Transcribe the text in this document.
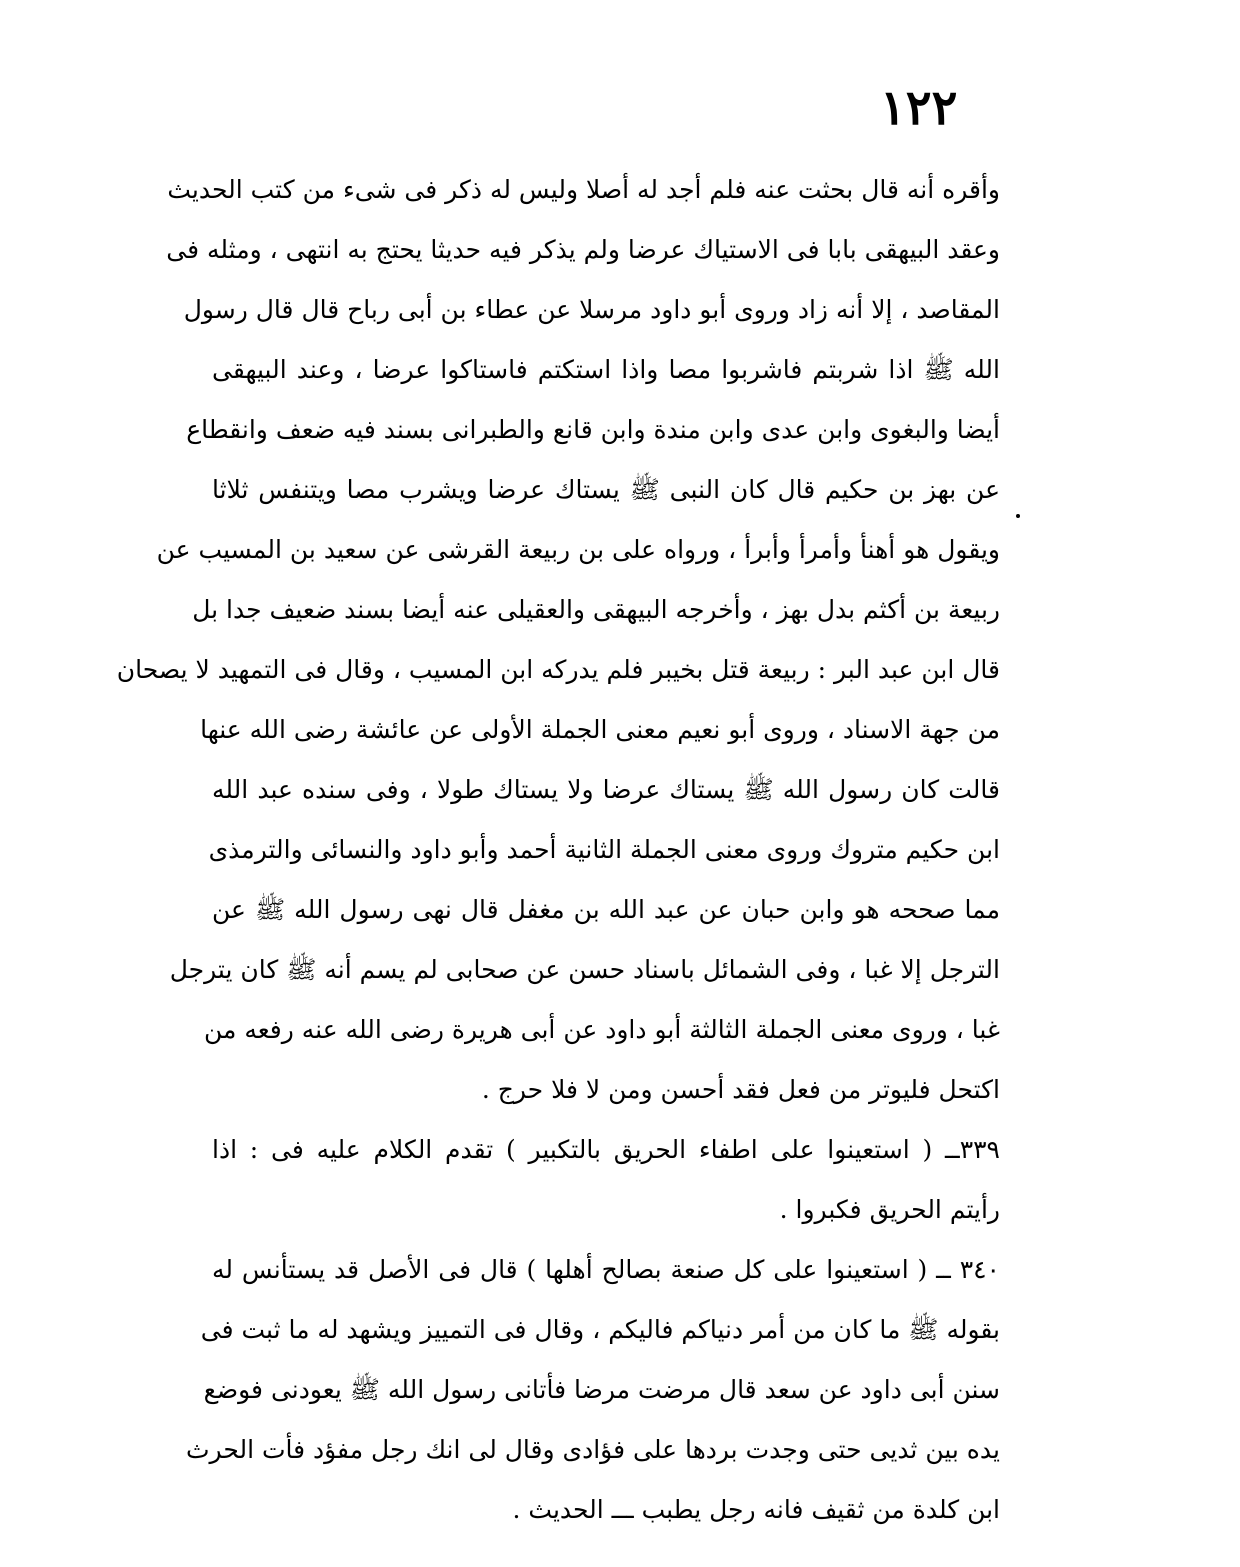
١٢٢
وأقره أنه قال بحثت عنه فلم أجد له أصلا وليس له ذكر فى شىء من كتب الحديث
وعقد البيهقى بابا فى الاستياك عرضا ولم يذكر فيه حديثا يحتج به انتهى ، ومثله فى
المقاصد ، إلا أنه زاد وروى أبو داود مرسلا عن عطاء بن أبى رباح قال قال رسول
الله ﷺ اذا شربتم فاشربوا مصا واذا استكتم فاستاكوا عرضا ، وعند البيهقى
أيضا والبغوى وابن عدى وابن مندة وابن قانع والطبرانى بسند فيه ضعف وانقطاع
عن بهز بن حكيم قال كان النبى ﷺ يستاك عرضا ويشرب مصا ويتنفس ثلاثا
ويقول هو أهنأ وأمرأ وأبرأ ، ورواه على بن ربيعة القرشى عن سعيد بن المسيب عن
ربيعة بن أكثم بدل بهز ، وأخرجه البيهقى والعقيلى عنه أيضا بسند ضعيف جدا بل
قال ابن عبد البر : ربيعة قتل بخيبر فلم يدركه ابن المسيب ، وقال فى التمهيد لا يصحان
من جهة الاسناد ، وروى أبو نعيم معنى الجملة الأولى عن عائشة رضى الله عنها
قالت كان رسول الله ﷺ يستاك عرضا ولا يستاك طولا ، وفى سنده عبد الله
ابن حكيم متروك وروى معنى الجملة الثانية أحمد وأبو داود والنسائى والترمذى
مما صححه هو وابن حبان عن عبد الله بن مغفل قال نهى رسول الله ﷺ عن
الترجل إلا غبا ، وفى الشمائل باسناد حسن عن صحابى لم يسم أنه ﷺ كان يترجل
غبا ، وروى معنى الجملة الثالثة أبو داود عن أبى هريرة رضى الله عنه رفعه من
اكتحل فليوتر من فعل فقد أحسن ومن لا فلا حرج .
٣٣٩ــ ( استعينوا على اطفاء الحريق بالتكبير ) تقدم الكلام عليه فى : اذا
رأيتم الحريق فكبروا .
٣٤٠ ــ ( استعينوا على كل صنعة بصالح أهلها ) قال فى الأصل قد يستأنس له
بقوله ﷺ ما كان من أمر دنياكم فاليكم ، وقال فى التمييز ويشهد له ما ثبت فى
سنن أبى داود عن سعد قال مرضت مرضا فأتانى رسول الله ﷺ يعودنى فوضع
يده بين ثديى حتى وجدت بردها على فؤادى وقال لى انك رجل مفؤد فأت الحرث
ابن كلدة من ثقيف فانه رجل يطبب ـــ الحديث .
